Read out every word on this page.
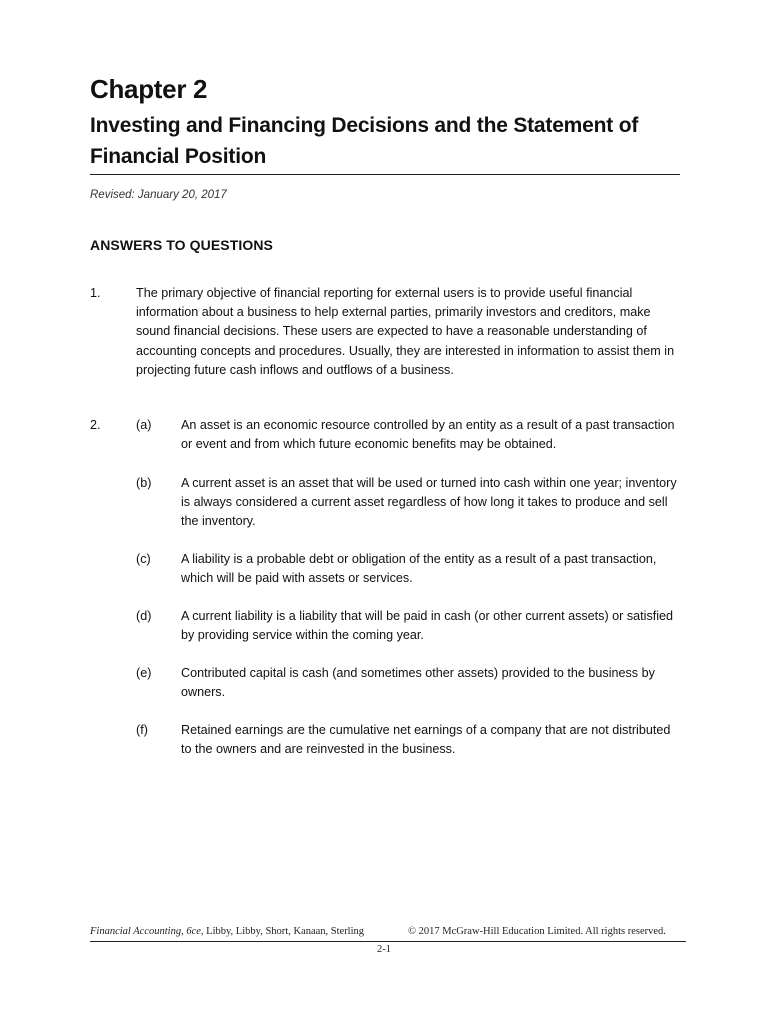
Chapter 2
Investing and Financing Decisions and the Statement of Financial Position
Revised: January 20, 2017
ANSWERS TO QUESTIONS
1.	The primary objective of financial reporting for external users is to provide useful financial information about a business to help external parties, primarily investors and creditors, make sound financial decisions. These users are expected to have a reasonable understanding of accounting concepts and procedures. Usually, they are interested in information to assist them in projecting future cash inflows and outflows of a business.
2.	(a) An asset is an economic resource controlled by an entity as a result of a past transaction or event and from which future economic benefits may be obtained.
(b) A current asset is an asset that will be used or turned into cash within one year; inventory is always considered a current asset regardless of how long it takes to produce and sell the inventory.
(c) A liability is a probable debt or obligation of the entity as a result of a past transaction, which will be paid with assets or services.
(d) A current liability is a liability that will be paid in cash (or other current assets) or satisfied by providing service within the coming year.
(e) Contributed capital is cash (and sometimes other assets) provided to the business by owners.
(f)	Retained earnings are the cumulative net earnings of a company that are not distributed to the owners and are reinvested in the business.
Financial Accounting, 6ce, Libby, Libby, Short, Kanaan, Sterling	© 2017 McGraw-Hill Education Limited. All rights reserved.
2-1
